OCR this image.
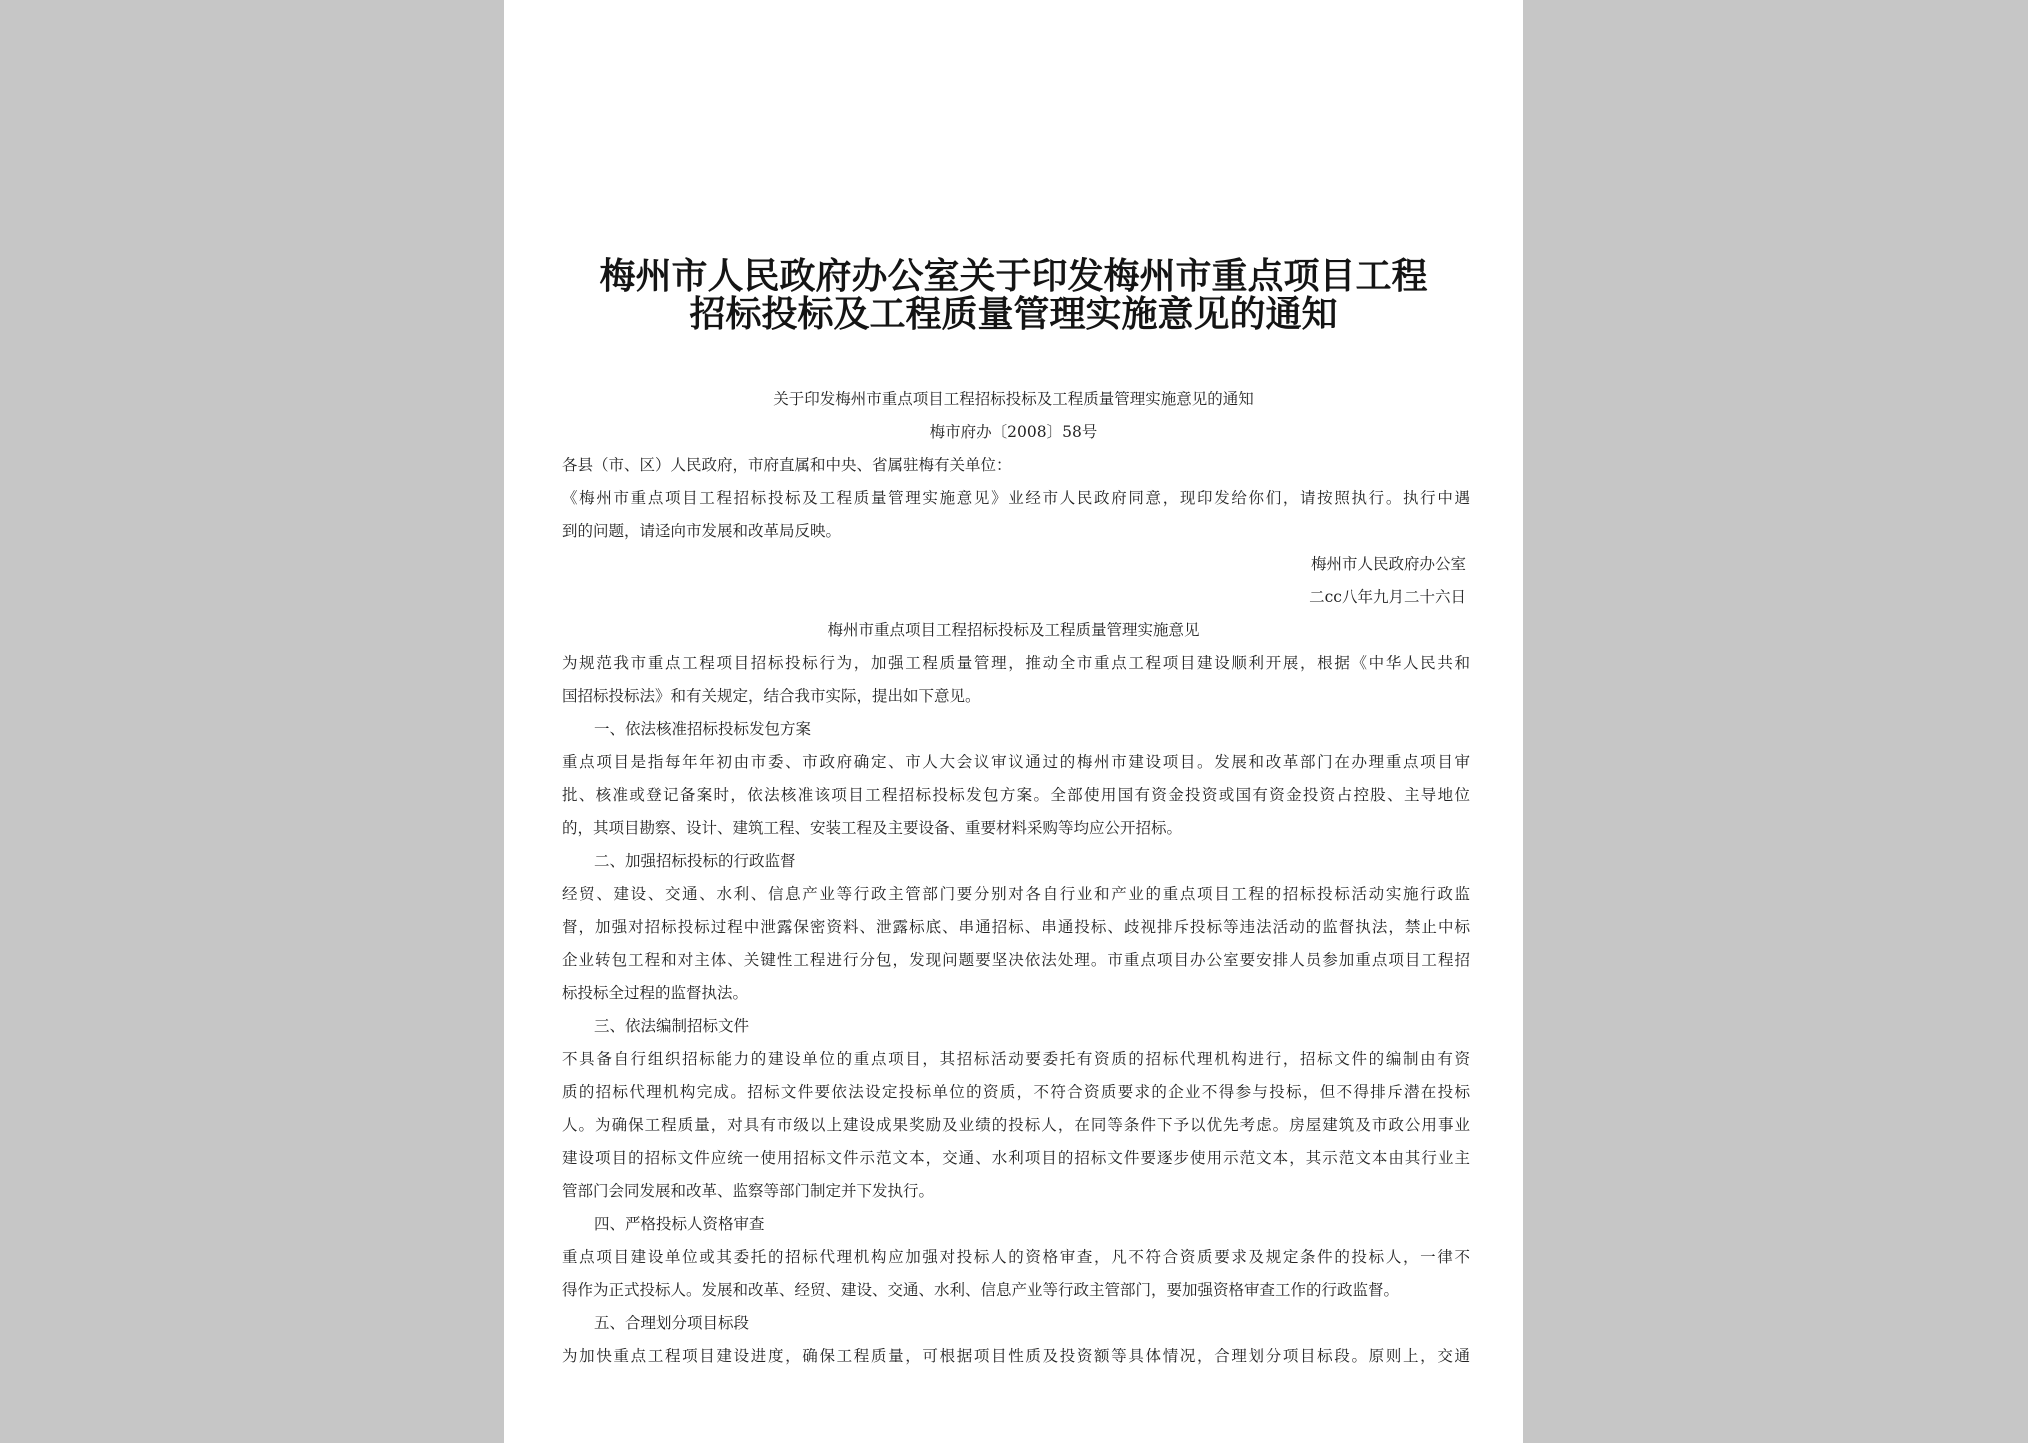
梅州市人民政府办公室关于印发梅州市重点项目工程
招标投标及工程质量管理实施意见的通知
关于印发梅州市重点项目工程招标投标及工程质量管理实施意见的通知
梅市府办〔2008〕58号
各县（市、区）人民政府，市府直属和中央、省属驻梅有关单位：
《梅州市重点项目工程招标投标及工程质量管理实施意见》业经市人民政府同意，现印发给你们，请按照执行。执行中遇
到的问题，请迳向市发展和改革局反映。
梅州市人民政府办公室
二cc八年九月二十六日
梅州市重点项目工程招标投标及工程质量管理实施意见
为规范我市重点工程项目招标投标行为，加强工程质量管理，推动全市重点工程项目建设顺利开展，根据《中华人民共和
国招标投标法》和有关规定，结合我市实际，提出如下意见。
一、依法核准招标投标发包方案
重点项目是指每年年初由市委、市政府确定、市人大会议审议通过的梅州市建设项目。发展和改革部门在办理重点项目审
批、核准或登记备案时，依法核准该项目工程招标投标发包方案。全部使用国有资金投资或国有资金投资占控股、主导地位
的，其项目勘察、设计、建筑工程、安装工程及主要设备、重要材料采购等均应公开招标。
二、加强招标投标的行政监督
经贸、建设、交通、水利、信息产业等行政主管部门要分别对各自行业和产业的重点项目工程的招标投标活动实施行政监
督，加强对招标投标过程中泄露保密资料、泄露标底、串通招标、串通投标、歧视排斥投标等违法活动的监督执法，禁止中标
企业转包工程和对主体、关键性工程进行分包，发现问题要坚决依法处理。市重点项目办公室要安排人员参加重点项目工程招
标投标全过程的监督执法。
三、依法编制招标文件
不具备自行组织招标能力的建设单位的重点项目，其招标活动要委托有资质的招标代理机构进行，招标文件的编制由有资
质的招标代理机构完成。招标文件要依法设定投标单位的资质，不符合资质要求的企业不得参与投标，但不得排斥潜在投标
人。为确保工程质量，对具有市级以上建设成果奖励及业绩的投标人，在同等条件下予以优先考虑。房屋建筑及市政公用事业
建设项目的招标文件应统一使用招标文件示范文本，交通、水利项目的招标文件要逐步使用示范文本，其示范文本由其行业主
管部门会同发展和改革、监察等部门制定并下发执行。
四、严格投标人资格审查
重点项目建设单位或其委托的招标代理机构应加强对投标人的资格审查，凡不符合资质要求及规定条件的投标人，一律不
得作为正式投标人。发展和改革、经贸、建设、交通、水利、信息产业等行政主管部门，要加强资格审查工作的行政监督。
五、合理划分项目标段
为加快重点工程项目建设进度，确保工程质量，可根据项目性质及投资额等具体情况，合理划分项目标段。原则上，交通
